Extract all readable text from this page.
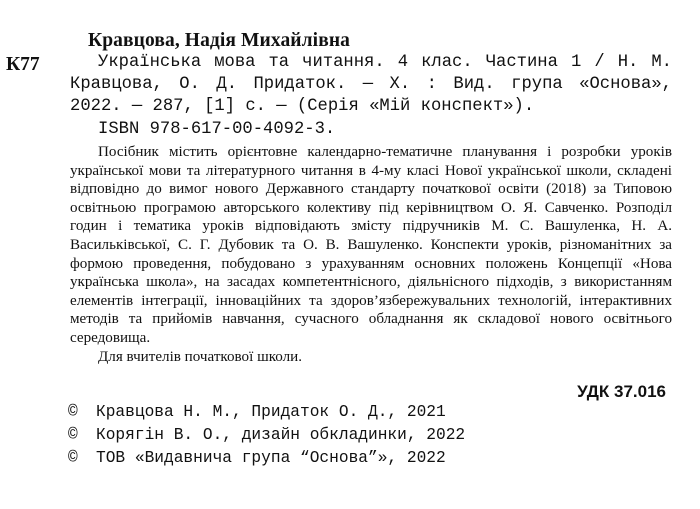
Кравцова, Надія Михайлівна
К77	Українська мова та читання. 4 клас. Частина 1 / Н. М. Кравцова, О. Д. Придаток. — Х. : Вид. група «Основа», 2022. — 287, [1] с. — (Серія «Мій конспект»).
ISBN 978-617-00-4092-3.

Посібник містить орієнтовне календарно-тематичне планування і розробки уроків української мови та літературного читання в 4-му класі Нової української школи, складені відповідно до вимог нового Державного стандарту початкової освіти (2018) за Типовою освітньою програмою авторського колективу під керівництвом О. Я. Савченко. Розподіл годин і тематика уроків відповідають змісту підручників М. С. Вашуленка, Н. А. Васильківської, С. Г. Дубовик та О. В. Вашуленко. Конспекти уроків, різноманітних за формою проведення, побудовано з урахуванням основних положень Концепції «Нова українська школа», на засадах компетентнісного, діяльнісного підходів, з використанням елементів інтеграції, інноваційних та здоров’язбережувальних технологій, інтерактивних методів та прийомів навчання, сучасного обладнання як складової нового освітнього середовища.

Для вчителів початкової школи.

УДК 37.016
©	Кравцова Н. М., Придаток О. Д., 2021
©	Корягін В. О., дизайн обкладинки, 2022
©	ТОВ «Видавнича група “Основа”», 2022
